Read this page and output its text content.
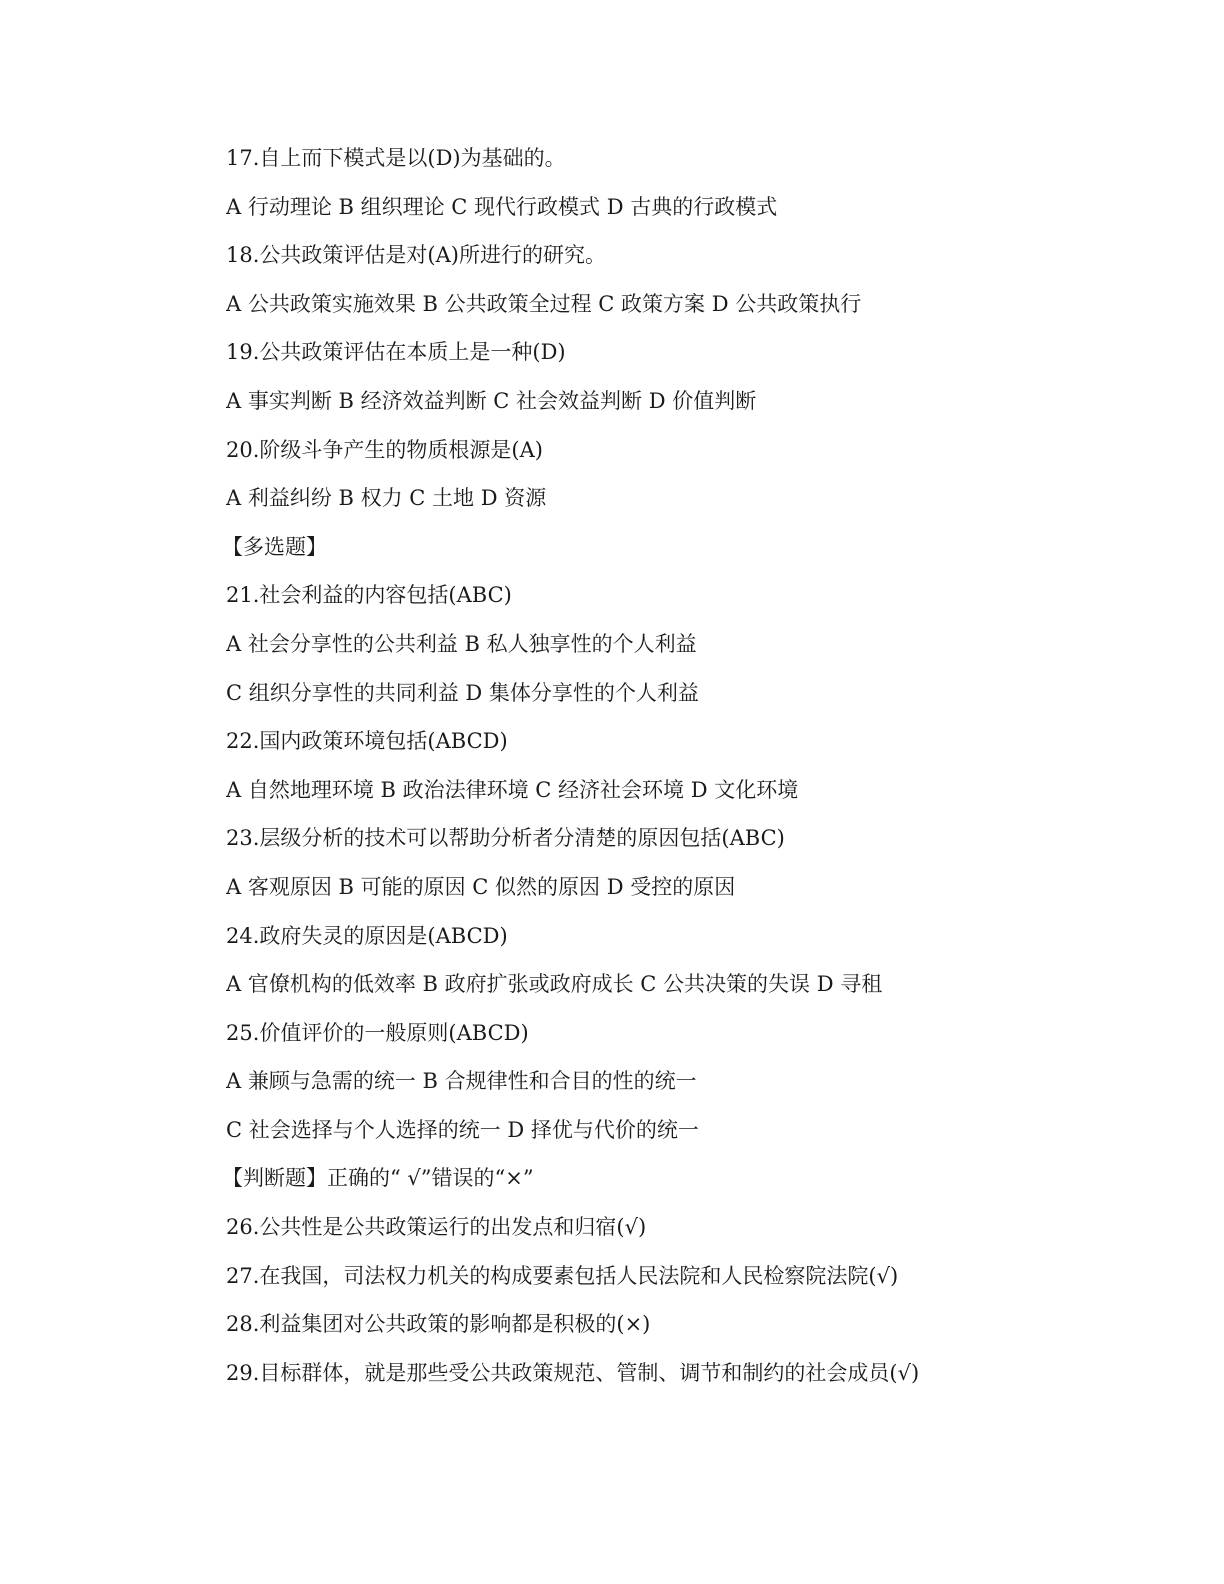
17.自上而下模式是以(D)为基础的。
A 行动理论 B 组织理论 C 现代行政模式 D 古典的行政模式
18.公共政策评估是对(A)所进行的研究。
A 公共政策实施效果 B 公共政策全过程 C 政策方案 D 公共政策执行
19.公共政策评估在本质上是一种(D)
A 事实判断 B 经济效益判断 C 社会效益判断 D 价值判断
20.阶级斗争产生的物质根源是(A)
A 利益纠纷 B 权力 C 土地 D 资源
【多选题】
21.社会利益的内容包括(ABC)
A 社会分享性的公共利益 B 私人独享性的个人利益
C 组织分享性的共同利益 D 集体分享性的个人利益
22.国内政策环境包括(ABCD)
A 自然地理环境 B 政治法律环境 C 经济社会环境 D 文化环境
23.层级分析的技术可以帮助分析者分清楚的原因包括(ABC)
A 客观原因 B 可能的原因 C 似然的原因 D 受控的原因
24.政府失灵的原因是(ABCD)
A 官僚机构的低效率 B 政府扩张或政府成长 C 公共决策的失误 D 寻租
25.价值评价的一般原则(ABCD)
A 兼顾与急需的统一 B 合规律性和合目的性的统一
C 社会选择与个人选择的统一 D 择优与代价的统一
【判断题】正确的“ √”错误的“×”
26.公共性是公共政策运行的出发点和归宿(√)
27.在我国，司法权力机关的构成要素包括人民法院和人民检察院法院(√)
28.利益集团对公共政策的影响都是积极的(×)
29.目标群体，就是那些受公共政策规范、管制、调节和制约的社会成员(√)
